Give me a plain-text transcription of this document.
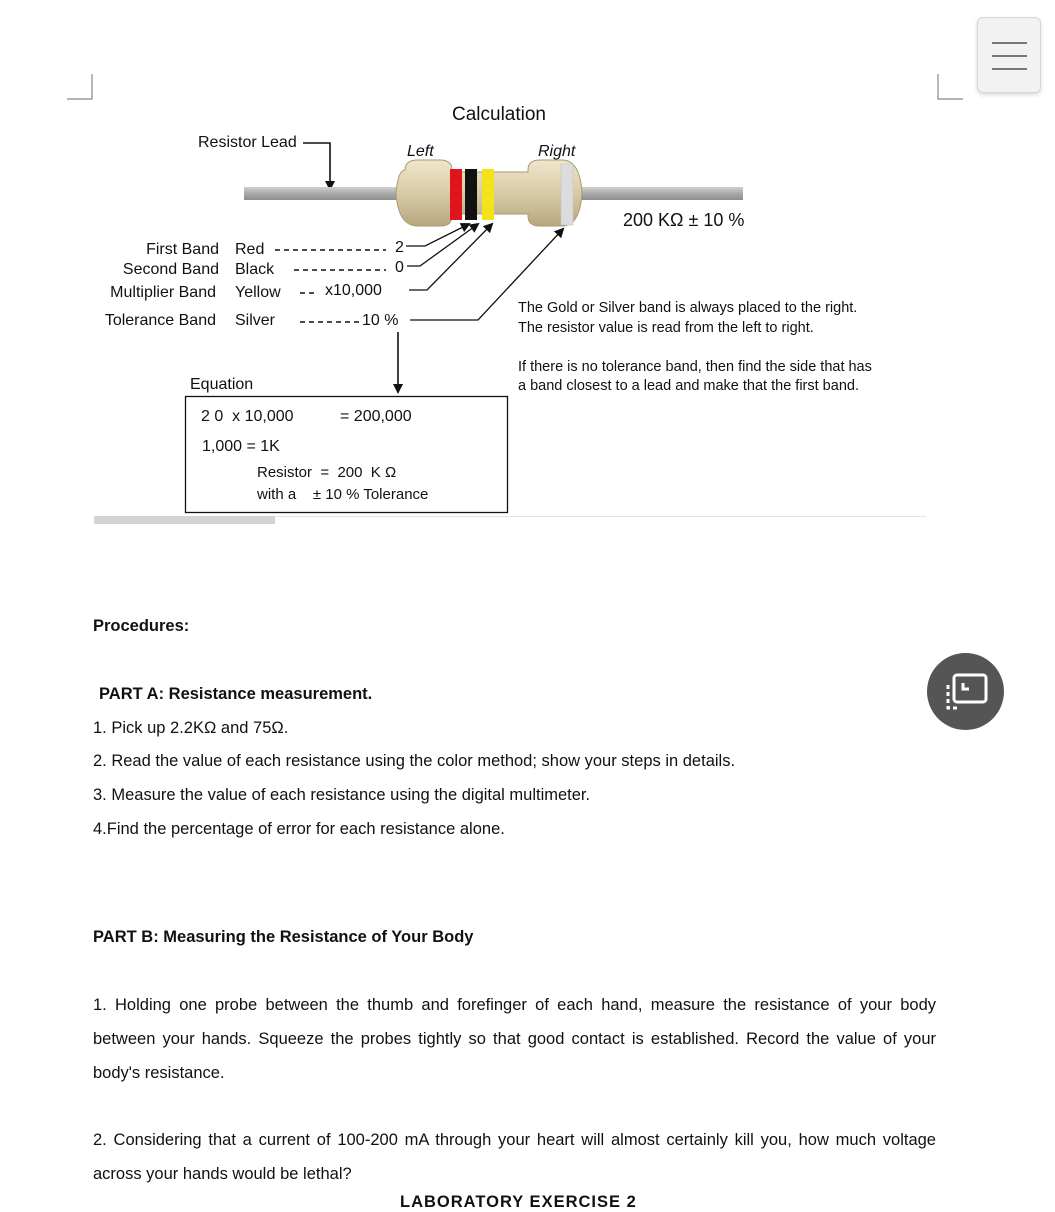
Calculation
Resistor Lead
Left	Right
200 KΩ ± 10 %
First Band Red	2
Second Band Black	0
Multiplier Band Yellow	x10,000
Tolerance Band Silver	10 %
The Gold or Silver band is always placed to the right.
The resistor value is read from the left to right.
If there is no tolerance band, then find the side that has
a band closest to a lead and make that the first band.
Equation
2 0  x 10,000	= 200,000
1,000 = 1K
Resistor  =  200  K Ω
with a    ± 10 % Tolerance
Procedures:
PART A: Resistance measurement.
1. Pick up 2.2KΩ and 75Ω.
2. Read the value of each resistance using the color method; show your steps in details.
3. Measure the value of each resistance using the digital multimeter.
4.Find the percentage of error for each resistance alone.
PART B: Measuring the Resistance of Your Body
1. Holding one probe between the thumb and forefinger of each hand, measure the resistance of your body between your hands. Squeeze the probes tightly so that good contact is established. Record the value of your body's resistance.
2. Considering that a current of 100-200 mA through your heart will almost certainly kill you, how much voltage across your hands would be lethal?
LABORATORY EXERCISE 2
